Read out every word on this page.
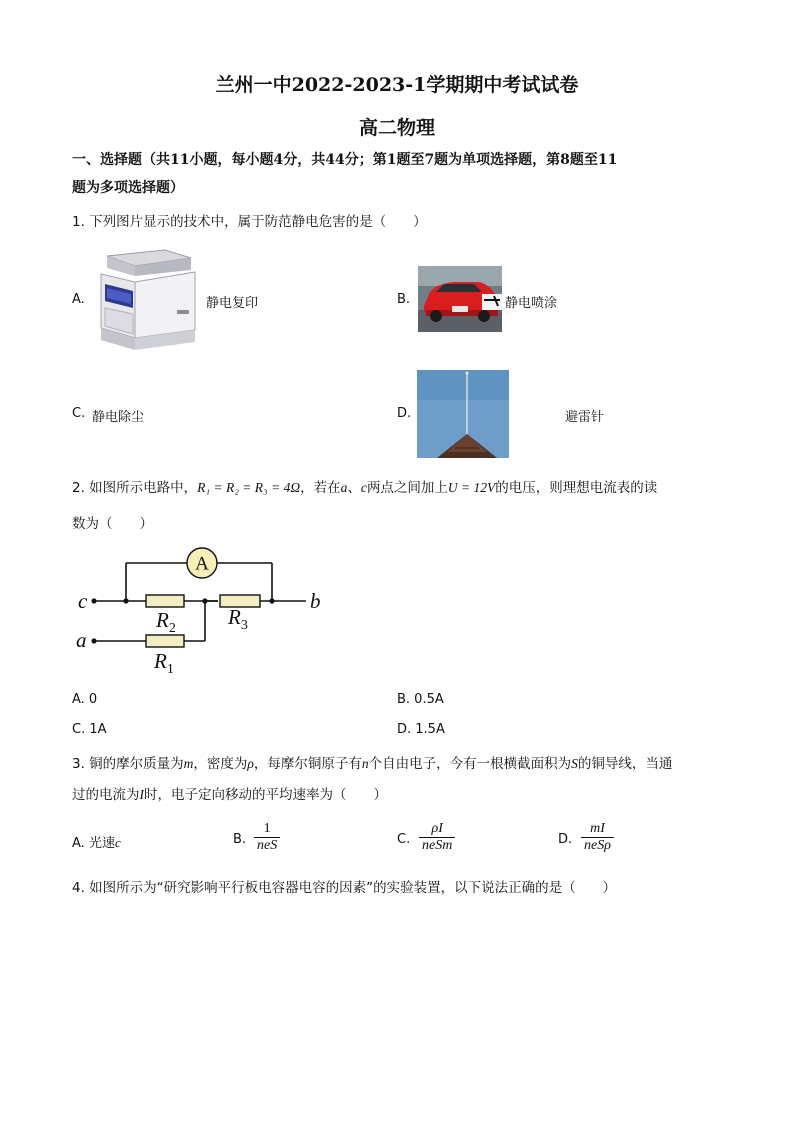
兰州一中2022-2023-1学期期中考试试卷
高二物理
一、选择题（共11小题，每小题4分，共44分；第1题至7题为单项选择题，第8题至11
题为多项选择题）
1. 下列图片显示的技术中，属于防范静电危害的是（　　）
A.	静电复印	B.	静电喷涂
C. 静电除尘	D.	避雷针
2. 如图所示电路中，R₁ = R₂ = R₃ = 4Ω，若在a、c两点之间加上U = 12V的电压，则理想电流表的读
数为（　　）
A
c
a
b
$R_2$ $R_3$
$R_1$
A. 0	B. 0.5A
C. 1A	D. 1.5A
3. 铜的摩尔质量为m，密度为ρ，每摩尔铜原子有n个自由电子，今有一根横截面积为S的铜导线，当通
过的电流为I时，电子定向移动的平均速率为（　　）
A. 光速c	B. $\frac{1}{\text{neS}}$	C. $\frac{\rho I}{\text{neSm}}$	D. $\frac{mI}{\text{neSρ}}$
4. 如图所示为“研究影响平行板电容器电容的因素”的实验装置，以下说法正确的是（　　）
